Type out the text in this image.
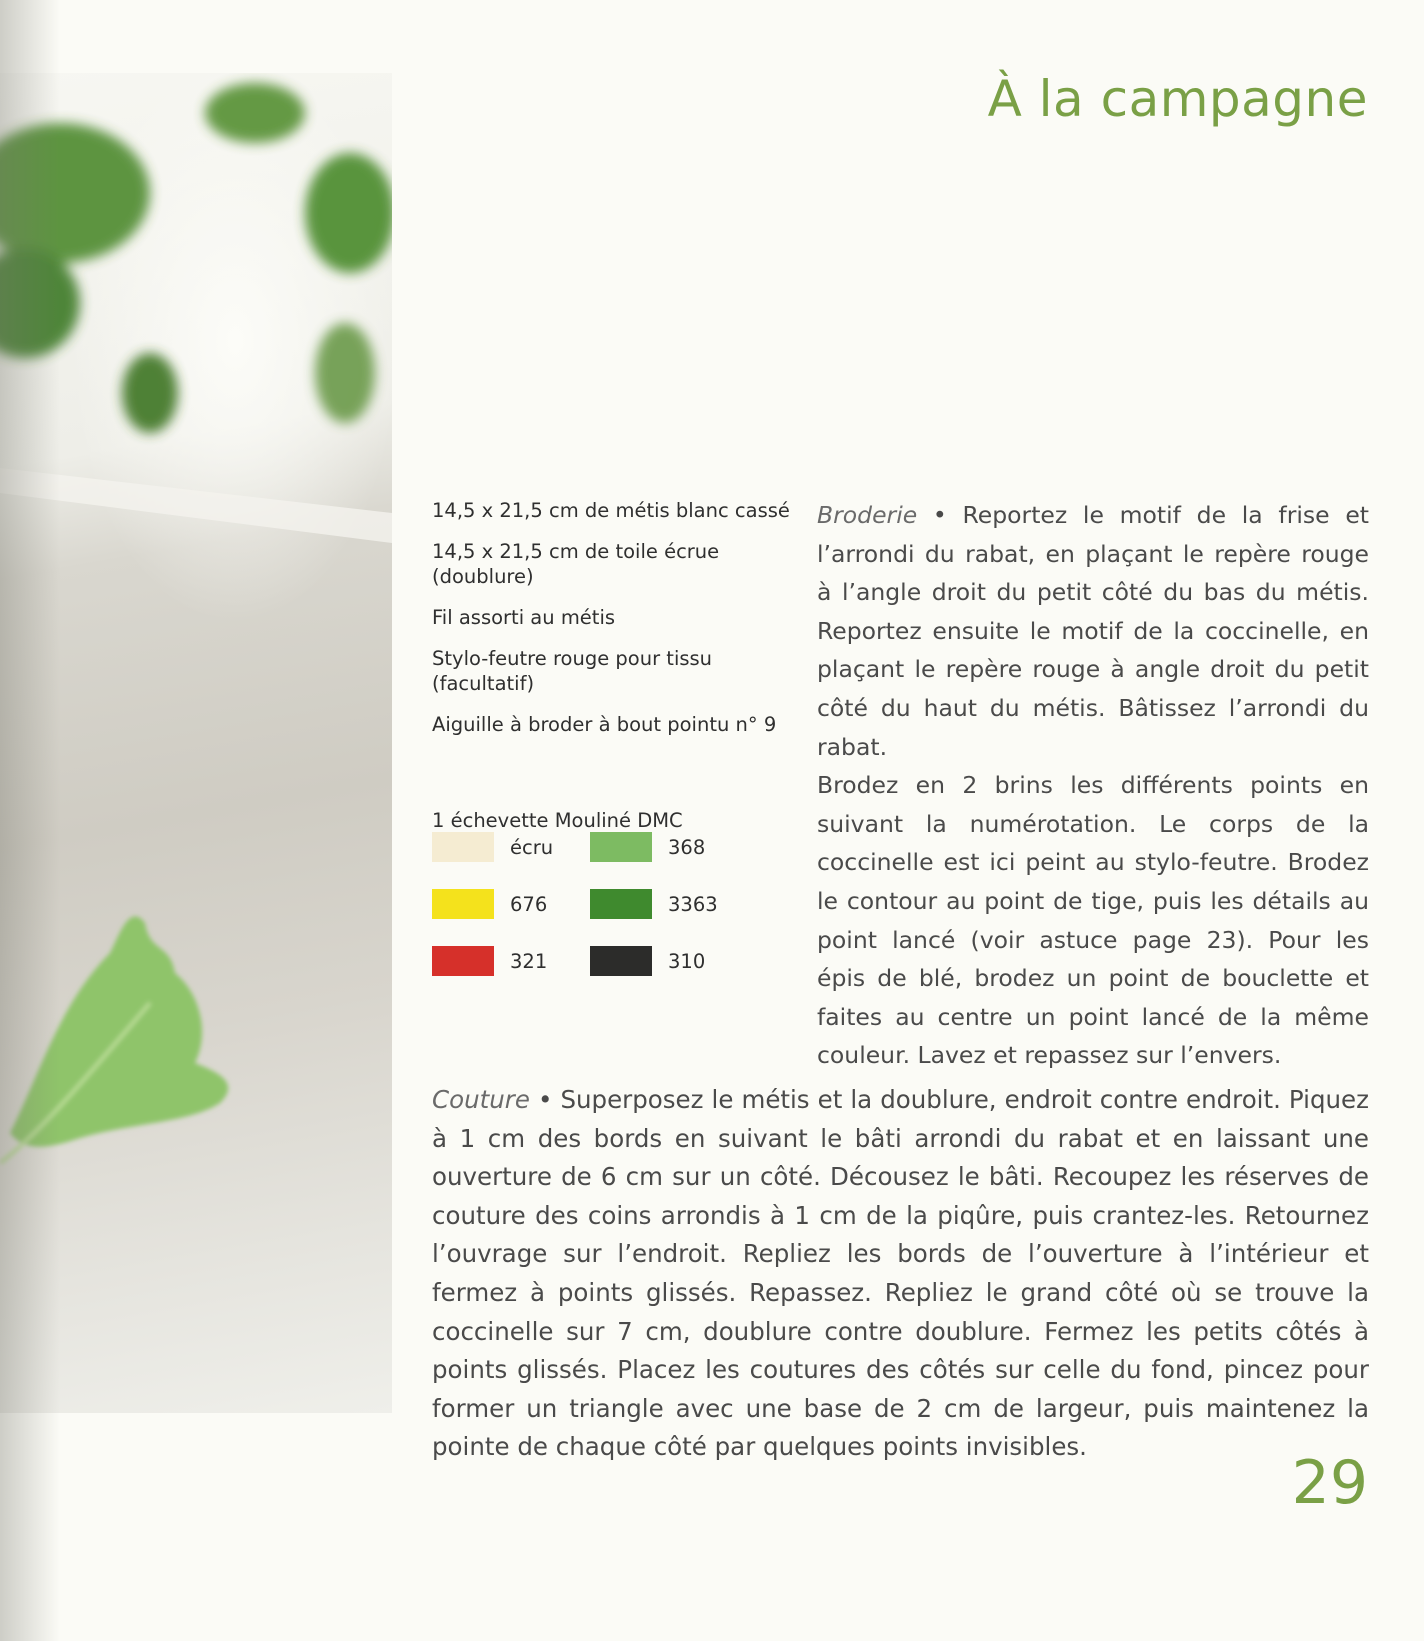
À la campagne
14,5 x 21,5 cm de métis blanc cassé
14,5 x 21,5 cm de toile écrue (doublure)
Fil assorti au métis
Stylo-feutre rouge pour tissu (facultatif)
Aiguille à broder à bout pointu n° 9
1 échevette Mouliné DMC
écru	368
676	3363
321	310

Broderie • Reportez le motif de la frise et l’arrondi du rabat, en plaçant le repère rouge à l’angle droit du petit côté du bas du métis. Reportez ensuite le motif de la coccinelle, en plaçant le repère rouge à angle droit du petit côté du haut du métis. Bâtissez l’arrondi du rabat.

Brodez en 2 brins les différents points en suivant la numérotation. Le corps de la coccinelle est ici peint au stylo-feutre. Brodez le contour au point de tige, puis les détails au point lancé (voir astuce page 23). Pour les épis de blé, brodez un point de bouclette et faites au centre un point lancé de la même couleur. Lavez et repassez sur l’envers.

Couture • Superposez le métis et la doublure, endroit contre endroit. Piquez à 1 cm des bords en suivant le bâti arrondi du rabat et en laissant une ouverture de 6 cm sur un côté. Décousez le bâti. Recoupez les réserves de couture des coins arrondis à 1 cm de la piqûre, puis crantez-les. Retournez l’ouvrage sur l’endroit. Repliez les bords de l’ouverture à l’intérieur et fermez à points glissés. Repassez. Repliez le grand côté où se trouve la coccinelle sur 7 cm, doublure contre doublure. Fermez les petits côtés à points glissés. Placez les coutures des côtés sur celle du fond, pincez pour former un triangle avec une base de 2 cm de largeur, puis maintenez la pointe de chaque côté par quelques points invisibles.

29
